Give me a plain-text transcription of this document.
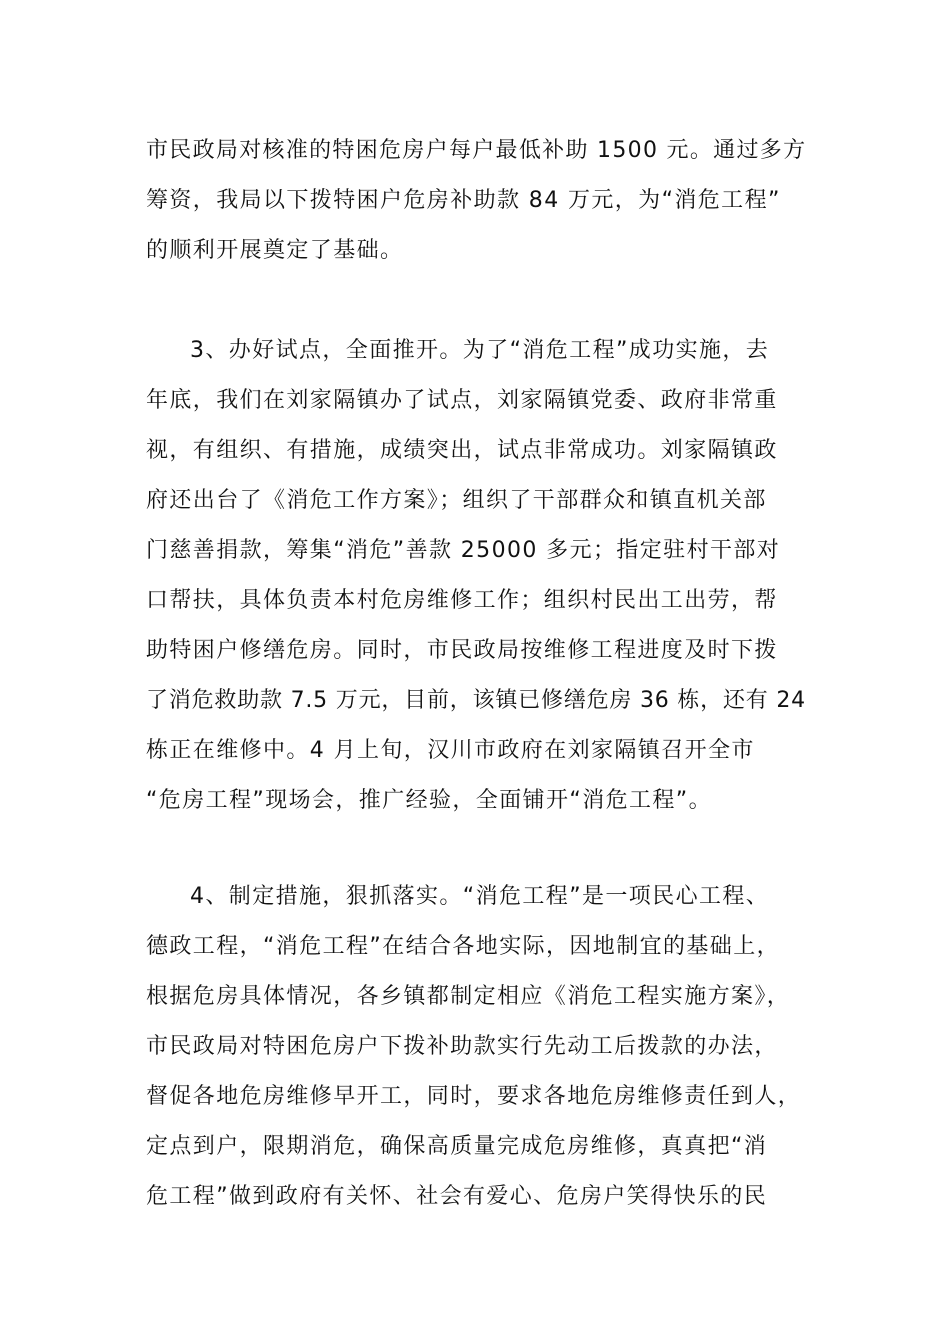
市民政局对核准的特困危房户每户最低补助 1500 元。通过多方
筹资，我局以下拨特困户危房补助款 84 万元，为“消危工程”
的顺利开展奠定了基础。
3、办好试点，全面推开。为了“消危工程”成功实施，去
年底，我们在刘家隔镇办了试点，刘家隔镇党委、政府非常重
视，有组织、有措施，成绩突出，试点非常成功。刘家隔镇政
府还出台了《消危工作方案》；组织了干部群众和镇直机关部
门慈善捐款，筹集“消危”善款 25000 多元；指定驻村干部对
口帮扶，具体负责本村危房维修工作；组织村民出工出劳，帮
助特困户修缮危房。同时，市民政局按维修工程进度及时下拨
了消危救助款 7.5 万元，目前，该镇已修缮危房 36 栋，还有 24
栋正在维修中。4 月上旬，汉川市政府在刘家隔镇召开全市
“危房工程”现场会，推广经验，全面铺开“消危工程”。
4、制定措施，狠抓落实。“消危工程”是一项民心工程、
德政工程，“消危工程”在结合各地实际，因地制宜的基础上，
根据危房具体情况，各乡镇都制定相应《消危工程实施方案》，
市民政局对特困危房户下拨补助款实行先动工后拨款的办法，
督促各地危房维修早开工，同时，要求各地危房维修责任到人，
定点到户，限期消危，确保高质量完成危房维修，真真把“消
危工程”做到政府有关怀、社会有爱心、危房户笑得快乐的民
